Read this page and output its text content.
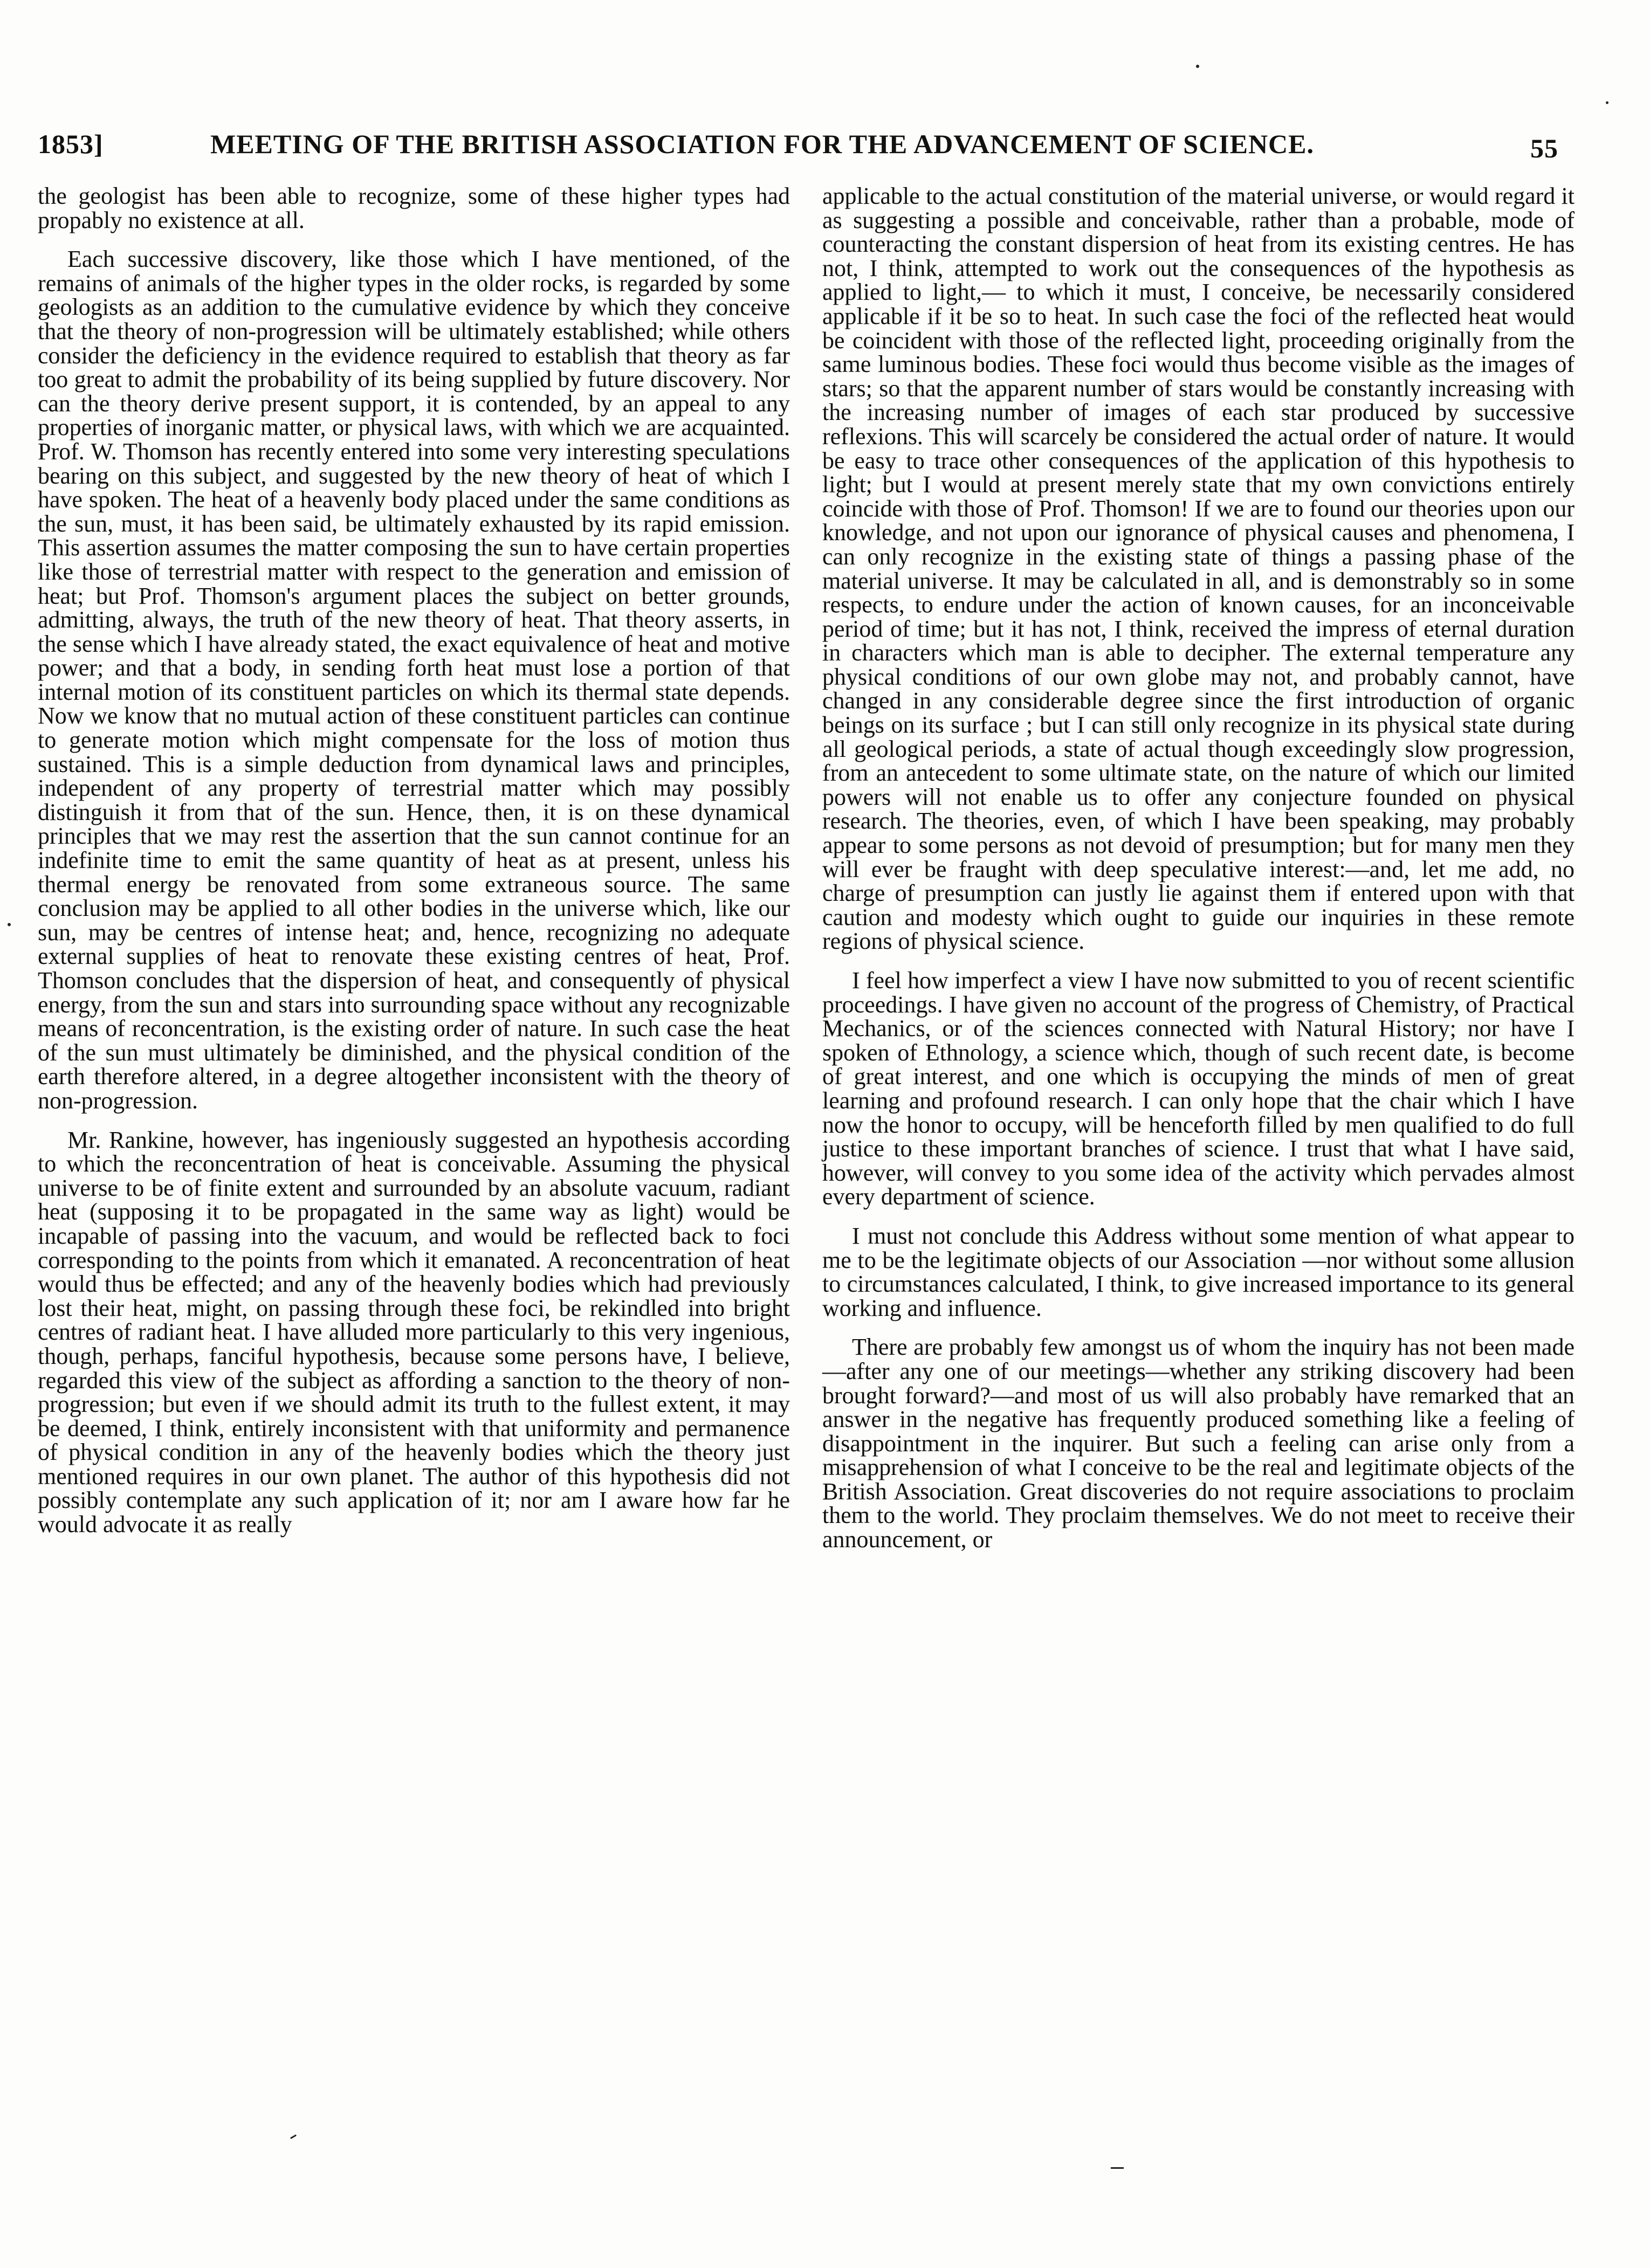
1853]	MEETING OF THE BRITISH ASSOCIATION FOR THE ADVANCEMENT OF SCIENCE.	55

the geologist has been able to recognize, some of these higher types had propably no existence at all.

Each successive discovery, like those which I have mentioned, of the remains of animals of the higher types in the older rocks, is regarded by some geologists as an addition to the cumulative evidence by which they conceive that the theory of non-progression will be ultimately established; while others consider the deficiency in the evidence required to establish that theory as far too great to admit the probability of its being supplied by future discovery. Nor can the theory derive present support, it is contended, by an appeal to any properties of inorganic matter, or physical laws, with which we are acquainted. Prof. W. Thomson has recently entered into some very interesting speculations bearing on this subject, and suggested by the new theory of heat of which I have spoken. The heat of a heavenly body placed under the same conditions as the sun, must, it has been said, be ultimately exhausted by its rapid emission. This assertion assumes the matter composing the sun to have certain properties like those of terrestrial matter with respect to the generation and emission of heat; but Prof. Thomson's argument places the subject on better grounds, admitting, always, the truth of the new theory of heat. That theory asserts, in the sense which I have already stated, the exact equivalence of heat and motive power; and that a body, in sending forth heat must lose a portion of that internal motion of its constituent particles on which its thermal state depends. Now we know that no mutual action of these constituent particles can continue to generate motion which might compensate for the loss of motion thus sustained. This is a simple deduction from dynamical laws and principles, independent of any property of terrestrial matter which may possibly distinguish it from that of the sun. Hence, then, it is on these dynamical principles that we may rest the assertion that the sun cannot continue for an indefinite time to emit the same quantity of heat as at present, unless his thermal energy be renovated from some extraneous source. The same conclusion may be applied to all other bodies in the universe which, like our sun, may be centres of intense heat; and, hence, recognizing no adequate external supplies of heat to renovate these existing centres of heat, Prof. Thomson concludes that the dispersion of heat, and consequently of physical energy, from the sun and stars into surrounding space without any recognizable means of reconcentration, is the existing order of nature. In such case the heat of the sun must ultimately be diminished, and the physical condition of the earth therefore altered, in a degree altogether inconsistent with the theory of non-progression.

Mr. Rankine, however, has ingeniously suggested an hypothesis according to which the reconcentration of heat is conceivable. Assuming the physical universe to be of finite extent and surrounded by an absolute vacuum, radiant heat (supposing it to be propagated in the same way as light) would be incapable of passing into the vacuum, and would be reflected back to foci corresponding to the points from which it emanated. A reconcentration of heat would thus be effected; and any of the heavenly bodies which had previously lost their heat, might, on passing through these foci, be rekindled into bright centres of radiant heat. I have alluded more particularly to this very ingenious, though, perhaps, fanciful hypothesis, because some persons have, I believe, regarded this view of the subject as affording a sanction to the theory of non-progression; but even if we should admit its truth to the fullest extent, it may be deemed, I think, entirely inconsistent with that uniformity and permanence of physical condition in any of the heavenly bodies which the theory just mentioned requires in our own planet. The author of this hypothesis did not possibly contemplate any such application of it; nor am I aware how far he would advocate it as really

applicable to the actual constitution of the material universe, or would regard it as suggesting a possible and conceivable, rather than a probable, mode of counteracting the constant dispersion of heat from its existing centres. He has not, I think, attempted to work out the consequences of the hypothesis as applied to light,— to which it must, I conceive, be necessarily considered applicable if it be so to heat. In such case the foci of the reflected heat would be coincident with those of the reflected light, proceeding originally from the same luminous bodies. These foci would thus become visible as the images of stars; so that the apparent number of stars would be constantly increasing with the increasing number of images of each star produced by successive reflexions. This will scarcely be considered the actual order of nature. It would be easy to trace other consequences of the application of this hypothesis to light; but I would at present merely state that my own convictions entirely coincide with those of Prof. Thomson! If we are to found our theories upon our knowledge, and not upon our ignorance of physical causes and phenomena, I can only recognize in the existing state of things a passing phase of the material universe. It may be calculated in all, and is demonstrably so in some respects, to endure under the action of known causes, for an inconceivable period of time; but it has not, I think, received the impress of eternal duration in characters which man is able to decipher. The external temperature any physical conditions of our own globe may not, and probably cannot, have changed in any considerable degree since the first introduction of organic beings on its surface ; but I can still only recognize in its physical state during all geological periods, a state of actual though exceedingly slow progression, from an antecedent to some ultimate state, on the nature of which our limited powers will not enable us to offer any conjecture founded on physical research. The theories, even, of which I have been speaking, may probably appear to some persons as not devoid of presumption; but for many men they will ever be fraught with deep speculative interest:—and, let me add, no charge of presumption can justly lie against them if entered upon with that caution and modesty which ought to guide our inquiries in these remote regions of physical science.

I feel how imperfect a view I have now submitted to you of recent scientific proceedings. I have given no account of the progress of Chemistry, of Practical Mechanics, or of the sciences connected with Natural History; nor have I spoken of Ethnology, a science which, though of such recent date, is become of great interest, and one which is occupying the minds of men of great learning and profound research. I can only hope that the chair which I have now the honor to occupy, will be henceforth filled by men qualified to do full justice to these important branches of science. I trust that what I have said, however, will convey to you some idea of the activity which pervades almost every department of science.

I must not conclude this Address without some mention of what appear to me to be the legitimate objects of our Association —nor without some allusion to circumstances calculated, I think, to give increased importance to its general working and influence.

There are probably few amongst us of whom the inquiry has not been made—after any one of our meetings—whether any striking discovery had been brought forward?—and most of us will also probably have remarked that an answer in the negative has frequently produced something like a feeling of disappointment in the inquirer. But such a feeling can arise only from a misapprehension of what I conceive to be the real and legitimate objects of the British Association. Great discoveries do not require associations to proclaim them to the world. They proclaim themselves. We do not meet to receive their announcement, or
